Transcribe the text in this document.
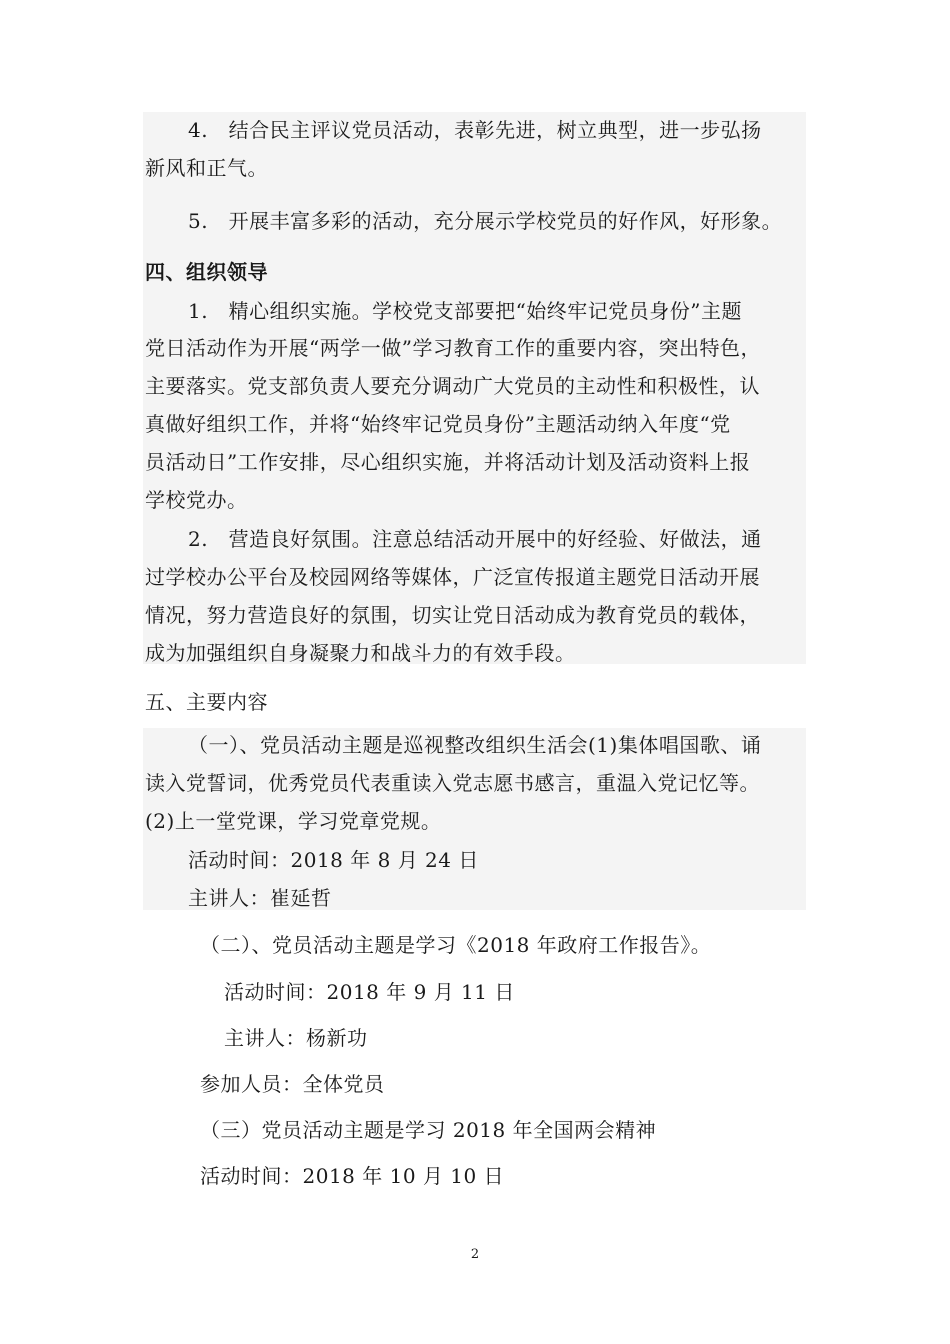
4.　结合民主评议党员活动，表彰先进，树立典型，进一步弘扬
新风和正气。
5.　开展丰富多彩的活动，充分展示学校党员的好作风，好形象。
四、组织领导
1.　精心组织实施。学校党支部要把“始终牢记党员身份”主题
党日活动作为开展“两学一做”学习教育工作的重要内容，突出特色，
主要落实。党支部负责人要充分调动广大党员的主动性和积极性，认
真做好组织工作，并将“始终牢记党员身份”主题活动纳入年度“党
员活动日”工作安排，尽心组织实施，并将活动计划及活动资料上报
学校党办。
2.　营造良好氛围。注意总结活动开展中的好经验、好做法，通
过学校办公平台及校园网络等媒体，广泛宣传报道主题党日活动开展
情况，努力营造良好的氛围，切实让党日活动成为教育党员的载体，
成为加强组织自身凝聚力和战斗力的有效手段。
五、主要内容
（一）、党员活动主题是巡视整改组织生活会(1)集体唱国歌、诵
读入党誓词，优秀党员代表重读入党志愿书感言，重温入党记忆等。
(2)上一堂党课，学习党章党规。
活动时间：2018 年 8 月 24 日
主讲人：崔延哲
（二）、党员活动主题是学习《2018 年政府工作报告》。
活动时间：2018 年 9 月 11 日
主讲人：杨新功
参加人员：全体党员
（三）党员活动主题是学习 2018 年全国两会精神
活动时间：2018 年 10 月 10 日
2
